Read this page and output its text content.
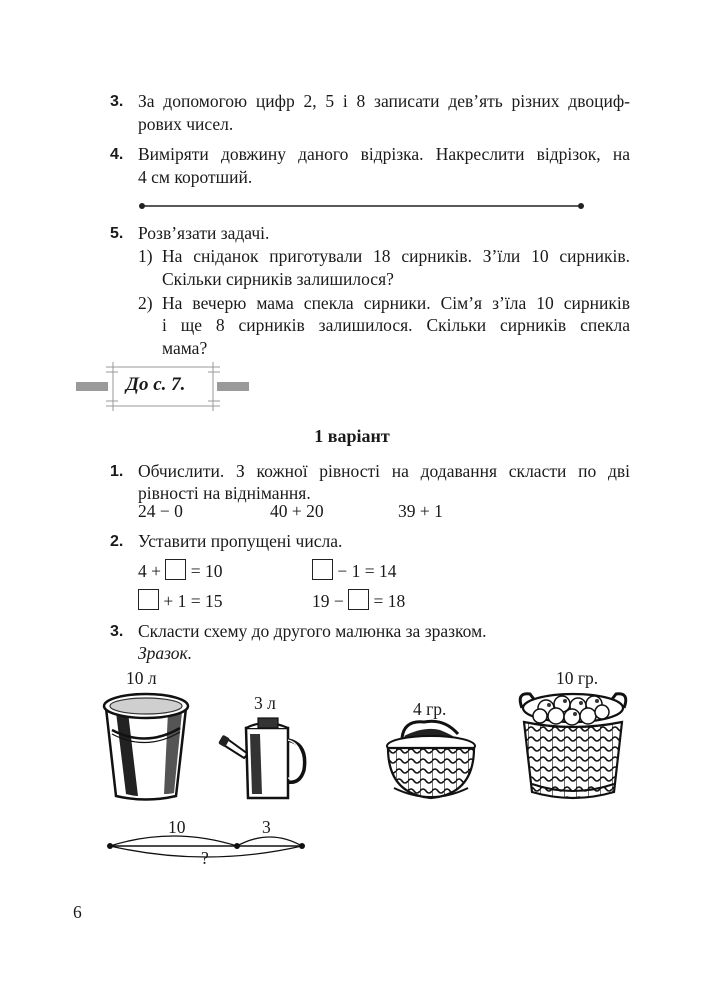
3. За допомогою цифр 2, 5 і 8 записати дев’ять різних двоциф-
рових чисел.
4. Виміряти довжину даного відрізка. Накреслити відрізок, на
4 см коротший.
5. Розв’язати задачі.
1) На сніданок приготували 18 сирників. З’їли 10 сирників.
Скільки сирників залишилося?
2) На вечерю мама спекла сирники. Сім’я з’їла 10 сирників
і ще 8 сирників залишилося. Скільки сирників спекла
мама?
До с. 7.
1 варіант
1. Обчислити. З кожної рівності на додавання скласти по дві
рівності на віднімання.
24 − 0	40 + 20	39 + 1
2. Уставити пропущені числа.
4 + = 10	− 1 = 14
+ 1 = 15	19 − = 18
3. Скласти схему до другого малюнка за зразком.
Зразок.
10 л
3 л	4 гр.
10 гр.
10	3
?
6
